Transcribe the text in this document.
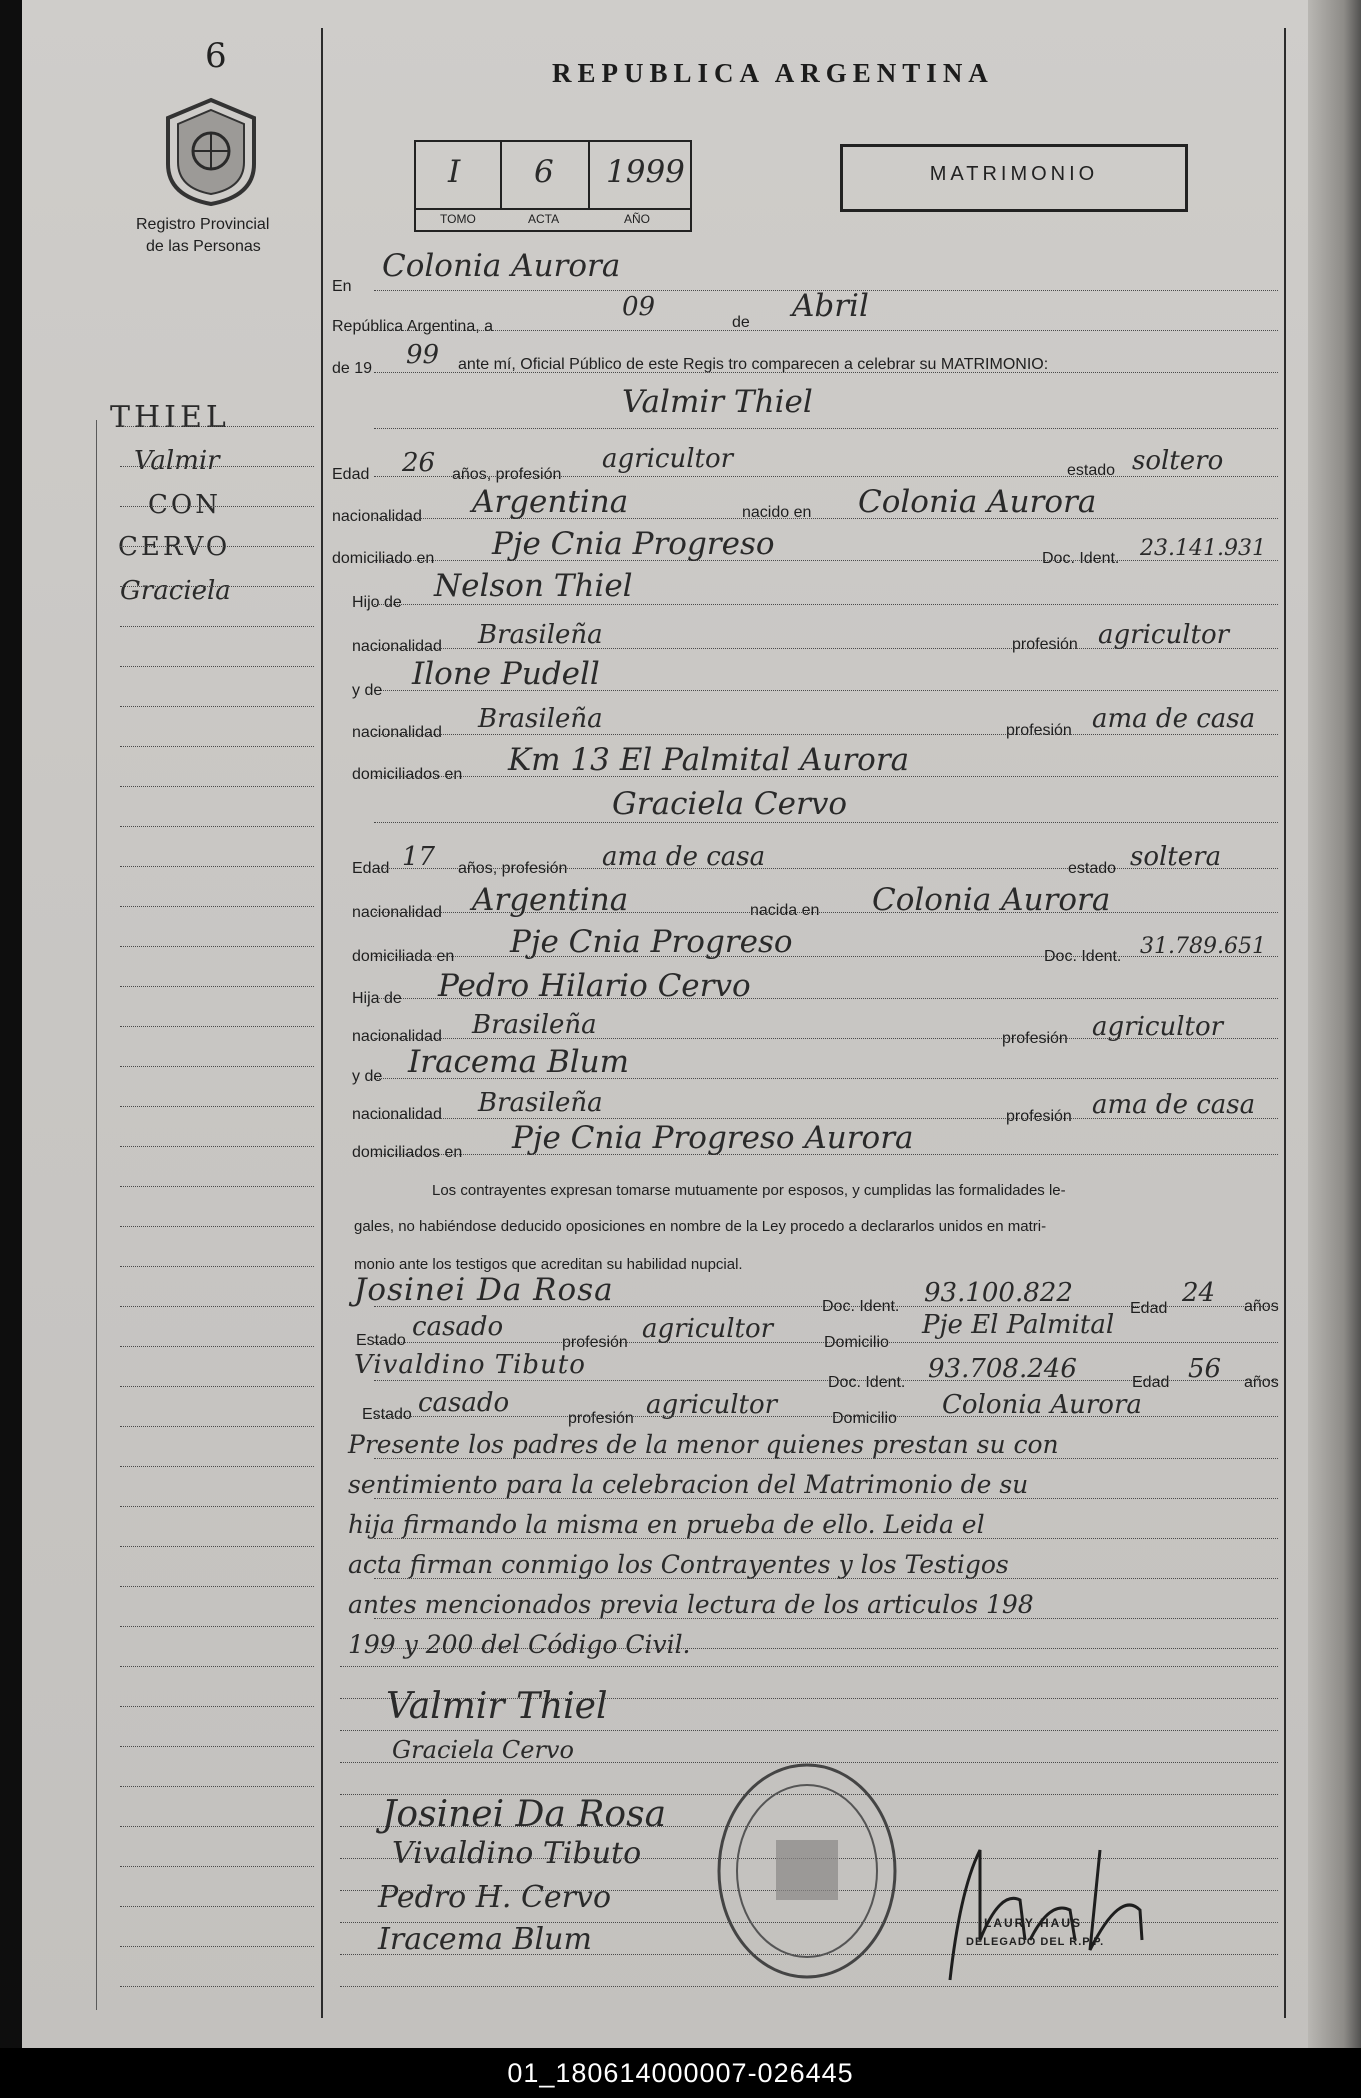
6
Registro Provincial
de las Personas
REPUBLICA ARGENTINA
I 6 1999
TOMO	ACTA	AÑO
MATRIMONIO
THIEL
Valmir
CON
CERVO
Graciela
En
Colonia Aurora
República Argentina, a
09
de Abril
de 19 99 ante mí, Oficial Público de este Regis tro comparecen a celebrar su MATRIMONIO:
Valmir Thiel
Edad 26 años, profesión
agricultor	estado soltero
nacionalidad Argentina	nacido en Colonia Aurora
domiciliado en Pje Cnia Progreso	Doc. Ident. 23.141.931
Hijo de Nelson Thiel
nacionalidad Brasileña	profesión agricultor
y de Ilone Pudell
nacionalidad Brasileña	profesión ama de casa
domiciliados en Km 13 El Palmital Aurora
Graciela Cervo
Edad 17 años, profesión ama de casa	estado soltera
nacionalidad Argentina	nacida en Colonia Aurora
domiciliada en Pje Cnia Progreso	Doc. Ident. 31.789.651
Hija de Pedro Hilario Cervo
nacionalidad Brasileña	profesión agricultor
y de Iracema Blum
nacionalidad Brasileña	profesión ama de casa
domiciliados en Pje Cnia Progreso Aurora
Los contrayentes expresan tomarse mutuamente por esposos, y cumplidas las formalidades le-
gales, no habiéndose deducido oposiciones en nombre de la Ley procedo a declararlos unidos en matri-
monio ante los testigos que acreditan su habilidad nupcial.
Josinei Da Rosa	Doc. Ident. 93.100.822
Edad
24 años
Estado casado
profesión agricultor	Domicilio
Pje El Palmital
Vivaldino Tibuto
Doc. Ident. 93.708.246	Edad 56 años
Estado casado
profesión agricultor	Domicilio Colonia Aurora
Presente los padres de la menor quienes prestan su con
sentimiento para la celebracion del Matrimonio de su
hija firmando la misma en prueba de ello. Leida el
acta firman conmigo los Contrayentes y los Testigos
antes mencionados previa lectura de los articulos 198
199 y 200 del Código Civil.
Valmir Thiel
Graciela Cervo
Josinei Da Rosa
Vivaldino Tibuto
Pedro H. Cervo
Iracema Blum	LAURY HAUS
DELEGADO DEL R.P.P.
01_180614000007-026445
